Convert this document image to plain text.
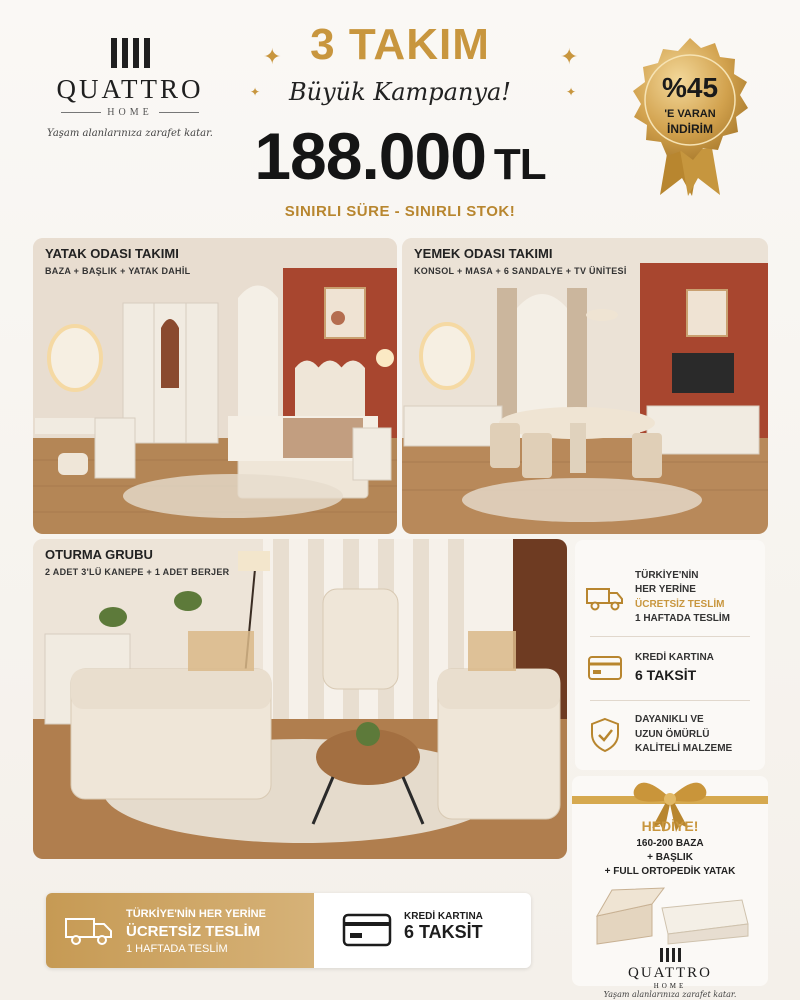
QUATTRO
HOME
Yaşam alanlarınıza zarafet katar.
✦
✦
✦
✦
3 TAKIM
Büyük Kampanya!
188.000 TL
SINIRLI SÜRE - SINIRLI STOK!
%45
'E VARAN
İNDİRİM
YATAK ODASI TAKIMI
BAZA + BAŞLIK + YATAK DAHİL
YEMEK ODASI TAKIMI
KONSOL + MASA + 6 SANDALYE + TV ÜNİTESİ
OTURMA GRUBU
2 ADET 3'LÜ KANEPE + 1 ADET BERJER	TÜRKİYE'NİN
HER YERİNE
ÜCRETSİZ TESLİM
1 HAFTADA TESLİM
KREDİ KARTINA
6 TAKSİT
DAYANIKLI VE
UZUN ÖMÜRLÜ
KALİTELİ MALZEME
HEDİYE!
160-200 BAZA
+ BAŞLIK
+ FULL ORTOPEDİK YATAK
TÜRKİYE'NİN HER YERİNE
ÜCRETSİZ TESLİM
1 HAFTADA TESLİM
KREDİ KARTINA
6 TAKSİT
QUATTRO
HOME
Yaşam alanlarınıza zarafet katar.
